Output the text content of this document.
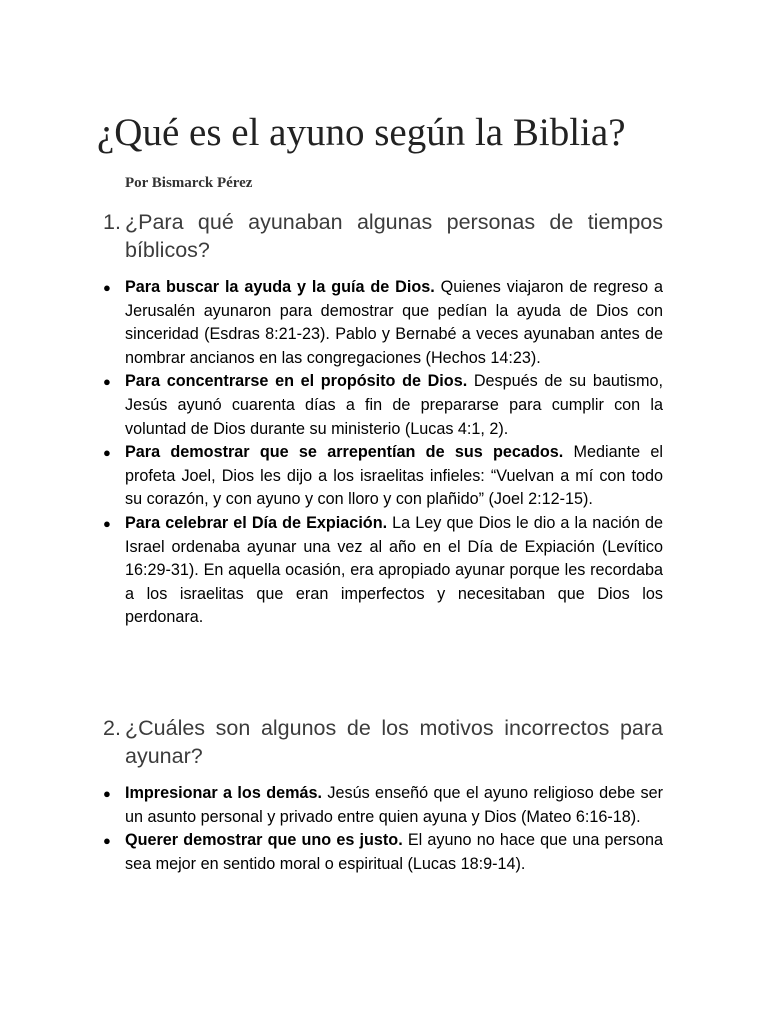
¿Qué es el ayuno según la Biblia?
Por Bismarck Pérez
1. ¿Para qué ayunaban algunas personas de tiempos bíblicos?
● Para buscar la ayuda y la guía de Dios. Quienes viajaron de regreso a Jerusalén ayunaron para demostrar que pedían la ayuda de Dios con sinceridad (Esdras 8:21-23). Pablo y Bernabé a veces ayunaban antes de nombrar ancianos en las congregaciones (Hechos 14:23).
● Para concentrarse en el propósito de Dios. Después de su bautismo, Jesús ayunó cuarenta días a fin de prepararse para cumplir con la voluntad de Dios durante su ministerio (Lucas 4:1, 2).
● Para demostrar que se arrepentían de sus pecados. Mediante el profeta Joel, Dios les dijo a los israelitas infieles: “Vuelvan a mí con todo su corazón, y con ayuno y con lloro y con plañido” (Joel 2:12-15).
● Para celebrar el Día de Expiación. La Ley que Dios le dio a la nación de Israel ordenaba ayunar una vez al año en el Día de Expiación (Levítico 16:29-31). En aquella ocasión, era apropiado ayunar porque les recordaba a los israelitas que eran imperfectos y necesitaban que Dios los perdonara.
2. ¿Cuáles son algunos de los motivos incorrectos para ayunar?
● Impresionar a los demás. Jesús enseñó que el ayuno religioso debe ser un asunto personal y privado entre quien ayuna y Dios (Mateo 6:16-18).
● Querer demostrar que uno es justo. El ayuno no hace que una persona sea mejor en sentido moral o espiritual (Lucas 18:9-14).
